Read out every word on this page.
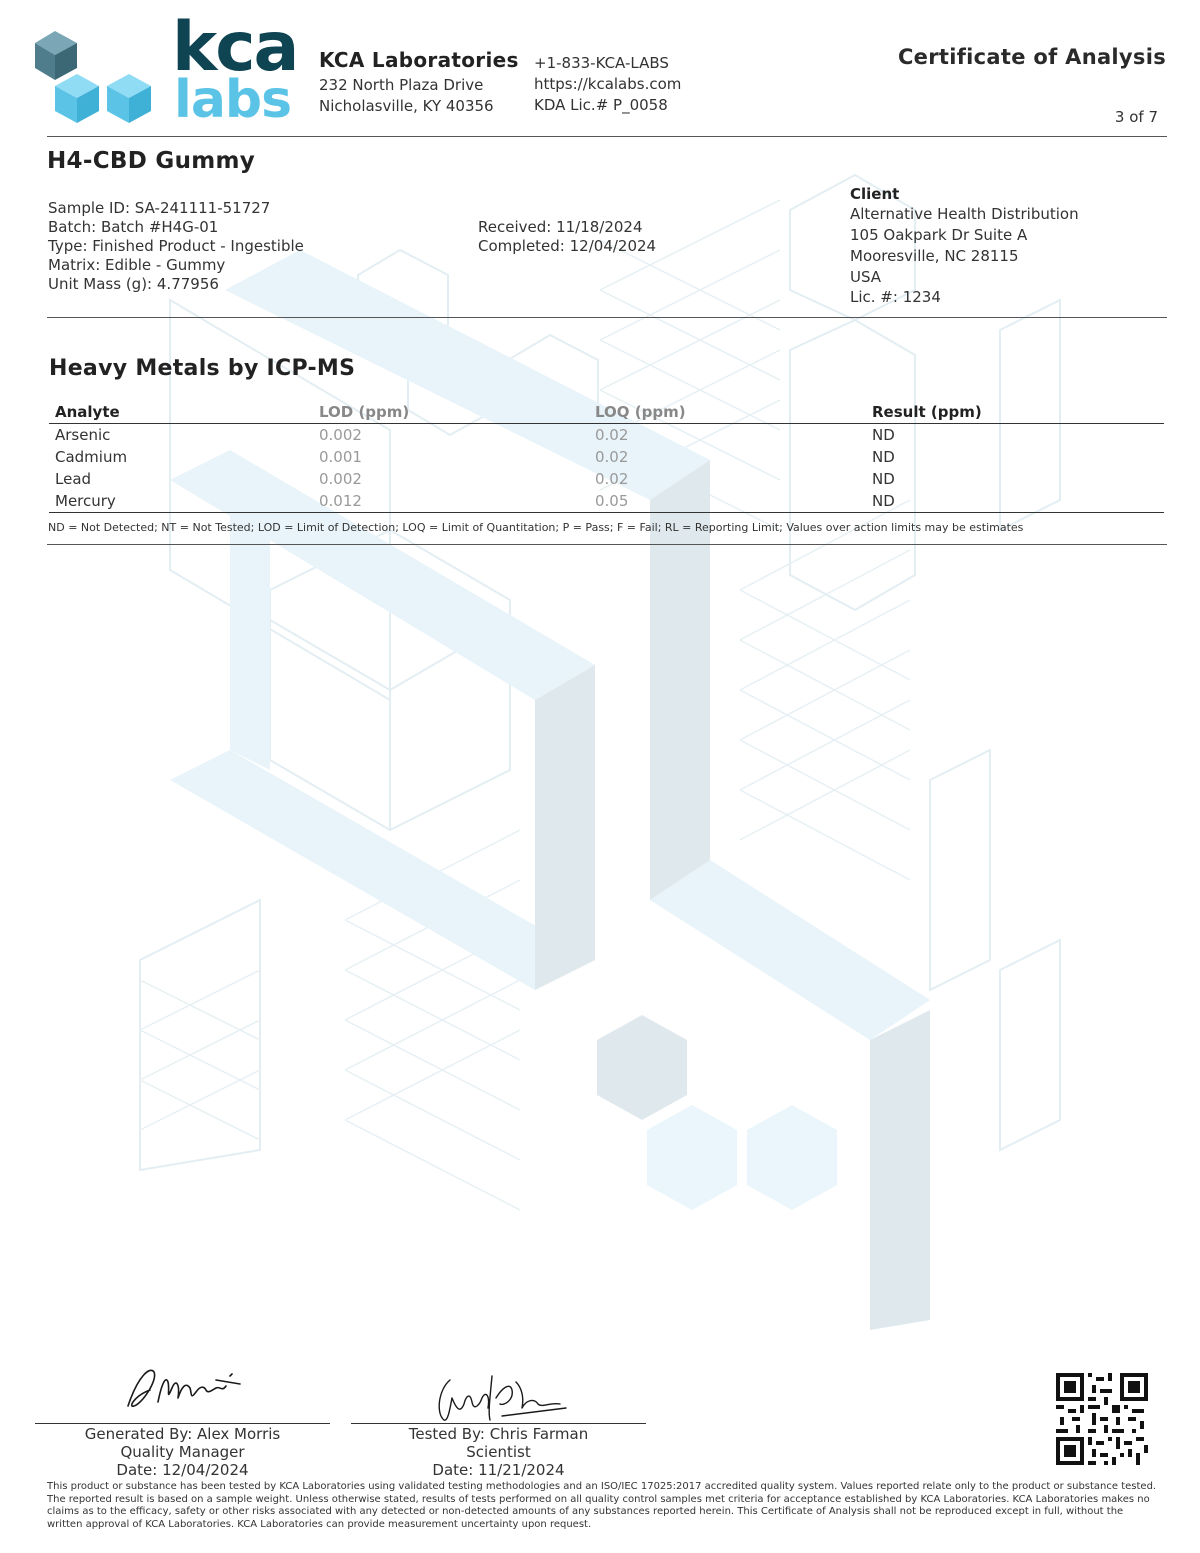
kca
labs
KCA Laboratories
232 North Plaza Drive
Nicholasville, KY 40356
+1-833-KCA-LABS
https://kcalabs.com
KDA Lic.# P_0058
Certificate of Analysis
3 of 7
H4-CBD Gummy
Sample ID: SA-241111-51727
Batch: Batch #H4G-01
Type: Finished Product - Ingestible
Matrix: Edible - Gummy
Unit Mass (g): 4.77956
Received: 11/18/2024
Completed: 12/04/2024
Client
Alternative Health Distribution
105 Oakpark Dr Suite A
Mooresville, NC 28115
USA
Lic. #: 1234
Heavy Metals by ICP-MS
Analyte	LOD (ppm)	LOQ (ppm)	Result (ppm)
Arsenic	0.002	0.02	ND
Cadmium	0.001	0.02	ND
Lead	0.002	0.02	ND
Mercury	0.012	0.05	ND
ND = Not Detected; NT = Not Tested; LOD = Limit of Detection; LOQ = Limit of Quantitation; P = Pass; F = Fail; RL = Reporting Limit; Values over action limits may be estimates
Generated By: Alex Morris
Quality Manager
Date: 12/04/2024
Tested By: Chris Farman
Scientist
Date: 11/21/2024
This product or substance has been tested by KCA Laboratories using validated testing methodologies and an ISO/IEC 17025:2017 accredited quality system. Values reported relate only to the product or substance tested. The reported result is based on a sample weight. Unless otherwise stated, results of tests performed on all quality control samples met criteria for acceptance established by KCA Laboratories. KCA Laboratories makes no claims as to the efficacy, safety or other risks associated with any detected or non-detected amounts of any substances reported herein. This Certificate of Analysis shall not be reproduced except in full, without the written approval of KCA Laboratories. KCA Laboratories can provide measurement uncertainty upon request.
